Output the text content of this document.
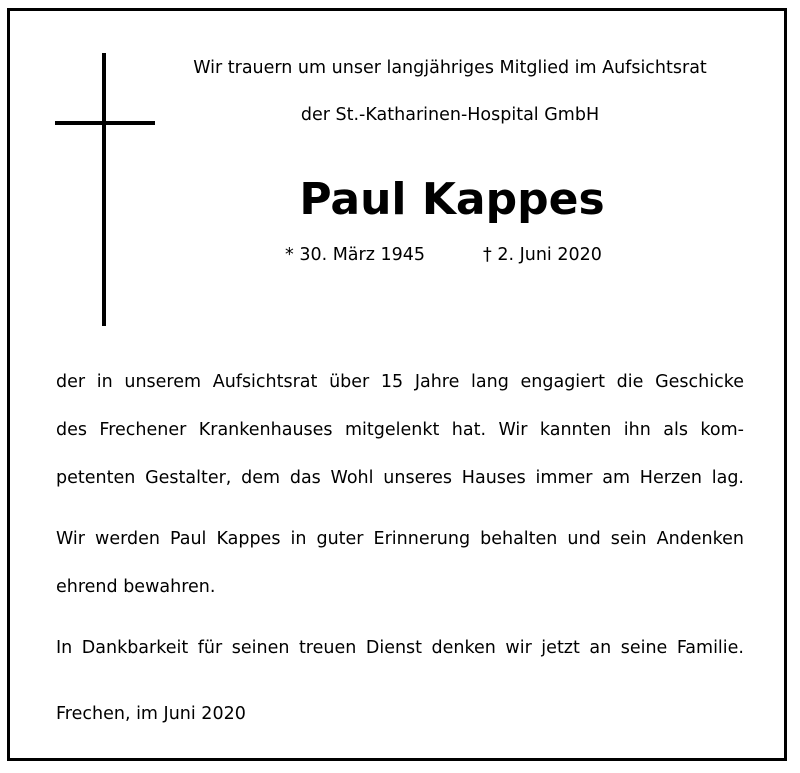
Wir trauern um unser langjähriges Mitglied im Aufsichtsrat
der St.-Katharinen-Hospital GmbH
Paul Kappes
* 30. März 1945	† 2. Juni 2020
der in unserem Aufsichtsrat über 15 Jahre lang engagiert die Geschicke
des Frechener Krankenhauses mitgelenkt hat. Wir kannten ihn als kom-
petenten Gestalter, dem das Wohl unseres Hauses immer am Herzen lag.
Wir werden Paul Kappes in guter Erinnerung behalten und sein Andenken
ehrend bewahren.
In Dankbarkeit für seinen treuen Dienst denken wir jetzt an seine Familie.
Frechen, im Juni 2020
